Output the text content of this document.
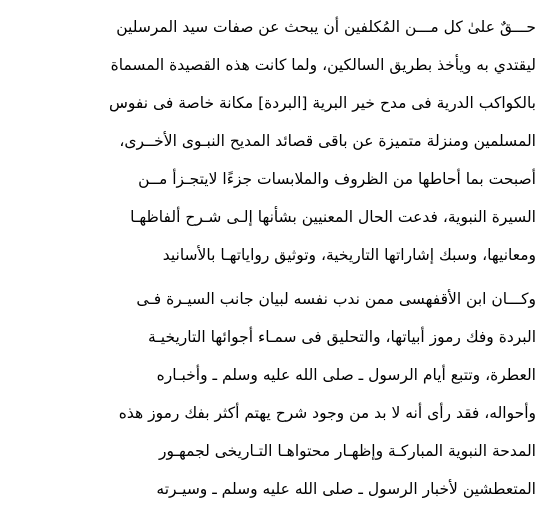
حـــقٌ علىٰ كل مـــن المُكلفين أن يبحث عن صفات سيد المرسلين
ليقتدي به ويأخذ بطريق السالكين، ولما كانت هذه القصيدة المسماة
بالكواكب الدرية فى مدح خير البرية [البردة] مكانة خاصة فى نفوس
المسلمين ومنزلة متميزة عن باقى قصائد المديح النبـوى الأخــرى،
أصبحت بما أحاطها من الظروف والملابسات جزءًا لايتجـزأ مــن
السيرة النبوية، فدعت الحال المعنيين بشأنها إلـى شـرح ألفاظهـا
ومعانيها، وسبك إشاراتها التاريخية، وتوثيق رواياتهـا بالأسانيد
وكـــان ابن الأقفهسى ممن ندب نفسه لبيان جانب السيـرة فـى
البردة وفك رموز أبياتها، والتحليق فى سمـاء أجوائها التاريخيـة
العطرة، وتتبع أيام الرسول ـ صلى الله عليه وسلم ـ وأخبـاره
وأحواله، فقد رأى أنه لا بد من وجود شرح يهتم أكثر بفك رموز هذه
المدحة النبوية المباركـة وإظهـار محتواهـا التـاريخى لجمهـور
المتعطشين لأخبار الرسول ـ صلى الله عليه وسلم ـ وسيـرته
